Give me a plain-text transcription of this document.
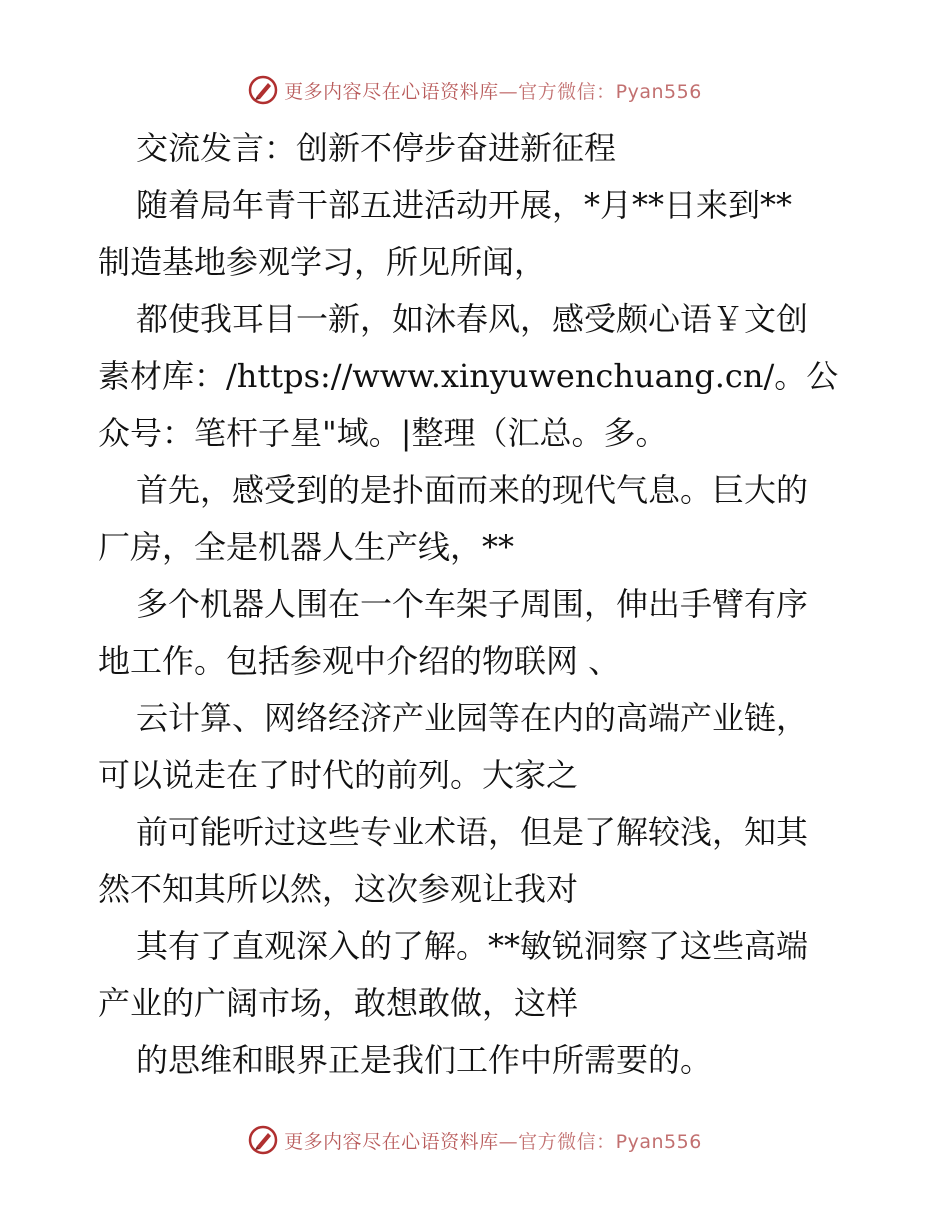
更多内容尽在心语资料库—官方微信：Pyan556
交流发言：创新不停步奋进新征程
随着局年青干部五进活动开展，*月**日来到**
制造基地参观学习，所见所闻，
都使我耳目一新，如沐春风，感受颇心语￥文创
素材库：/https://www.xinyuwenchuang.cn/。公
众号：笔杆子星"域。|整理（汇总。多。
首先，感受到的是扑面而来的现代气息。巨大的
厂房，全是机器人生产线，**
多个机器人围在一个车架子周围，伸出手臂有序
地工作。包括参观中介绍的物联网 、
云计算、网络经济产业园等在内的高端产业链，
可以说走在了时代的前列。大家之
前可能听过这些专业术语，但是了解较浅，知其
然不知其所以然，这次参观让我对
其有了直观深入的了解。**敏锐洞察了这些高端
产业的广阔市场，敢想敢做，这样
的思维和眼界正是我们工作中所需要的。
更多内容尽在心语资料库—官方微信：Pyan556
